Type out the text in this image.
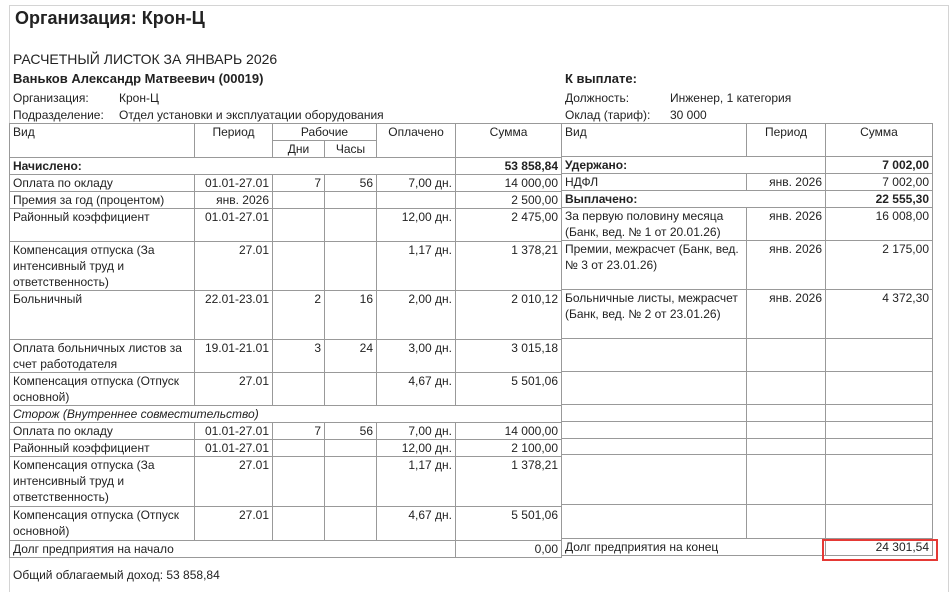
Организация: Крон-Ц
РАСЧЕТНЫЙ ЛИСТОК ЗА ЯНВАРЬ 2026
Ваньков Александр Матвеевич (00019)	К выплате:
Организация:	Крон-Ц
Подразделение: Отдел установки и эксплуатации оборудования
Должность:	Инженер, 1 категория
Оклад (тариф): 30 000
Вид	Период	Рабочие		Оплачено	Сумма
		Дни	Часы		
Начислено:					53 858,84
Оплата по окладу	01.01-27.01	7	56	7,00 дн.	14 000,00
Премия за год (процентом)	янв. 2026				2 500,00
Районный коэффициент	01.01-27.01			12,00 дн.	2 475,00
Компенсация отпуска (За интенсивный труд и ответственность)	27.01			1,17 дн.	1 378,21
Больничный	22.01-23.01	2	16	2,00 дн.	2 010,12
Оплата больничных листов за счет работодателя	19.01-21.01	3	24	3,00 дн.	3 015,18
Компенсация отпуска (Отпуск основной)	27.01			4,67 дн.	5 501,06
Сторож (Внутреннее совместительство)					
Оплата по окладу	01.01-27.01	7	56	7,00 дн.	14 000,00
Районный коэффициент	01.01-27.01			12,00 дн.	2 100,00
Компенсация отпуска (За интенсивный труд и ответственность)	27.01			1,17 дн.	1 378,21
Компенсация отпуска (Отпуск основной)	27.01			4,67 дн.	5 501,06
Долг предприятия на начало					0,00
Вид	Период	Сумма
Удержано:		7 002,00
НДФЛ	янв. 2026	7 002,00
Выплачено:		22 555,30
За первую половину месяца (Банк, вед. № 1 от 20.01.26)	янв. 2026	16 008,00
Премии, межрасчет (Банк, вед. № 3 от 23.01.26)	янв. 2026	2 175,00
Больничные листы, межрасчет (Банк, вед. № 2 от 23.01.26)	янв. 2026	4 372,30

Долг предприятия на конец		24 301,54
Общий облагаемый доход: 53 858,84
